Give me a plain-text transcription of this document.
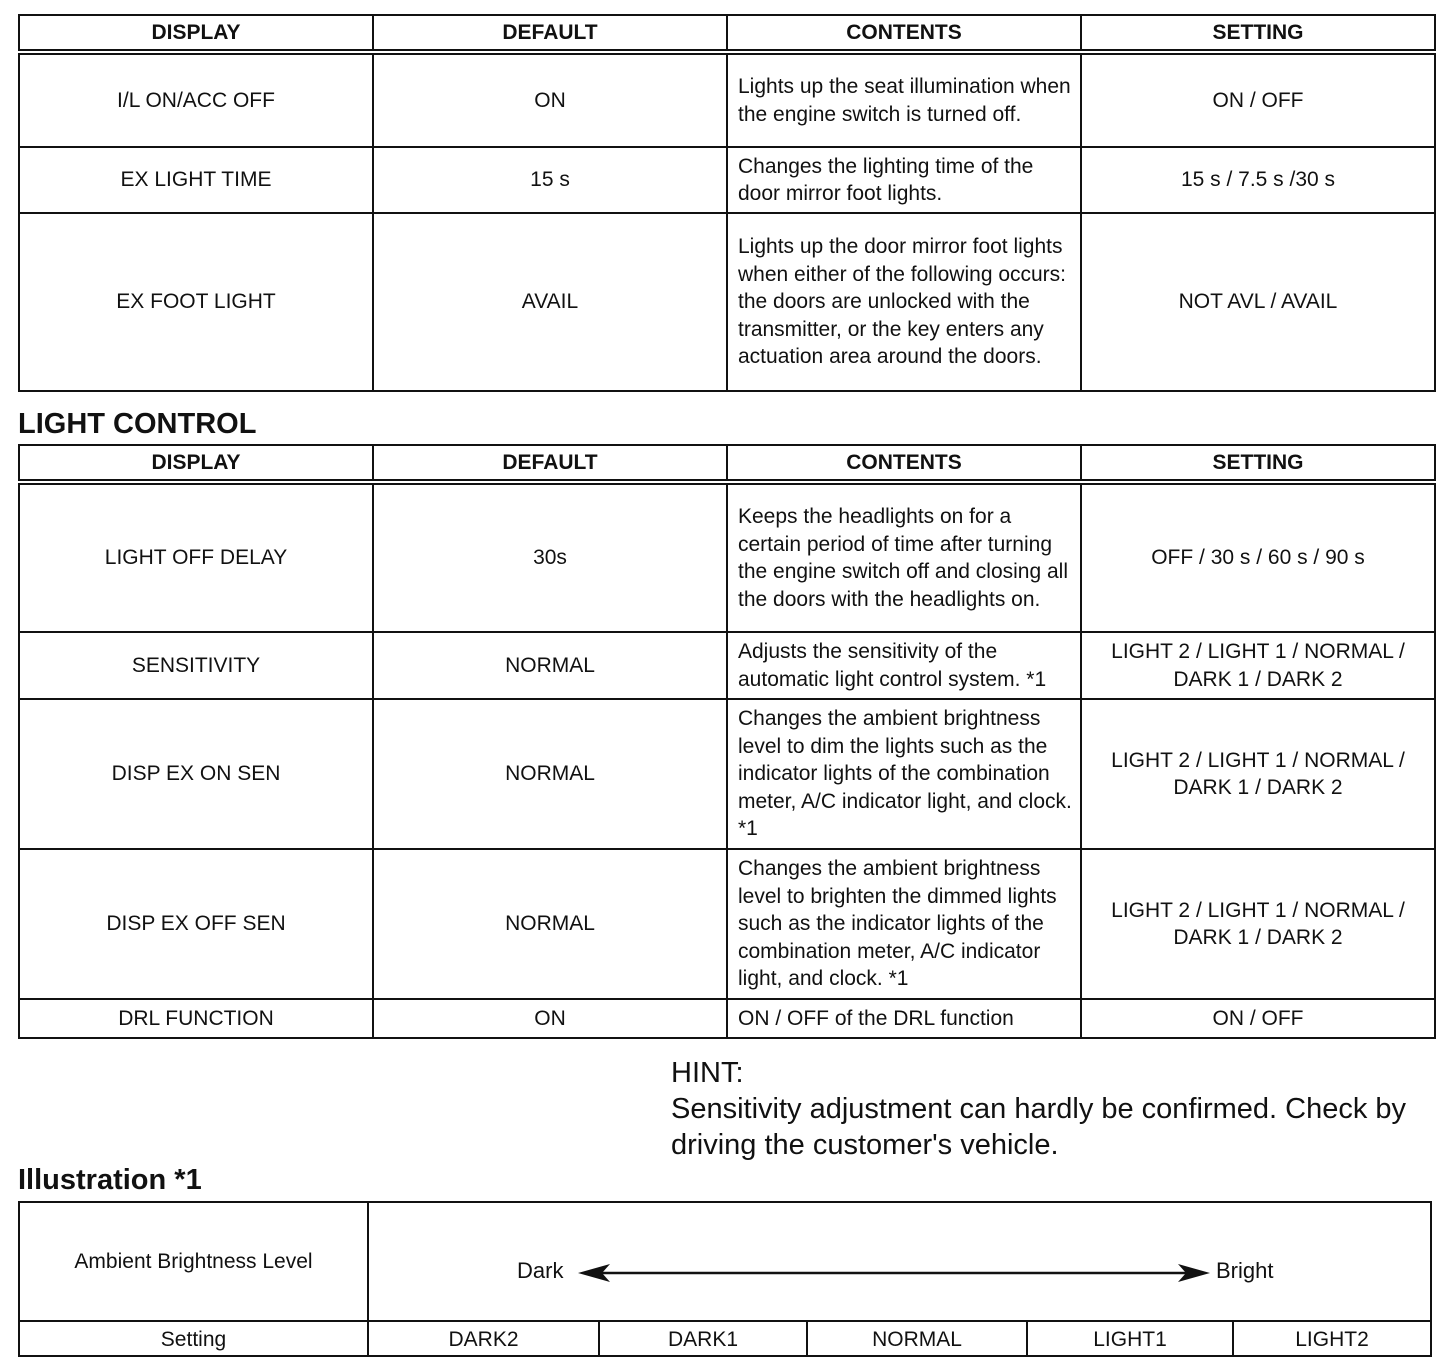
DISPLAY	DEFAULT	CONTENTS	SETTING
I/L ON/ACC OFF	ON	Lights up the seat illumination when the engine switch is turned off.	ON / OFF
EX LIGHT TIME	15 s	Changes the lighting time of the door mirror foot lights.	15 s / 7.5 s /30 s
EX FOOT LIGHT	AVAIL	Lights up the door mirror foot lights when either of the following occurs: the doors are unlocked with the transmitter, or the key enters any actuation area around the doors.	NOT AVL / AVAIL
LIGHT CONTROL
DISPLAY	DEFAULT	CONTENTS	SETTING
LIGHT OFF DELAY	30s	Keeps the headlights on for a certain period of time after turning the engine switch off and closing all the doors with the headlights on.	OFF / 30 s / 60 s / 90 s
SENSITIVITY	NORMAL	Adjusts the sensitivity of the automatic light control system. *1	LIGHT 2 / LIGHT 1 / NORMAL / DARK 1 / DARK 2
DISP EX ON SEN	NORMAL	Changes the ambient brightness level to dim the lights such as the indicator lights of the combination meter, A/C indicator light, and clock. *1	LIGHT 2 / LIGHT 1 / NORMAL / DARK 1 / DARK 2
DISP EX OFF SEN	NORMAL	Changes the ambient brightness level to brighten the dimmed lights such as the indicator lights of the combination meter, A/C indicator light, and clock. *1	LIGHT 2 / LIGHT 1 / NORMAL / DARK 1 / DARK 2
DRL FUNCTION	ON	ON / OFF of the DRL function	ON / OFF
HINT:
Sensitivity adjustment can hardly be confirmed. Check by driving the customer's vehicle.
Illustration *1
Ambient Brightness Level	Dark	Bright
Setting	DARK2	DARK1	NORMAL	LIGHT1	LIGHT2
